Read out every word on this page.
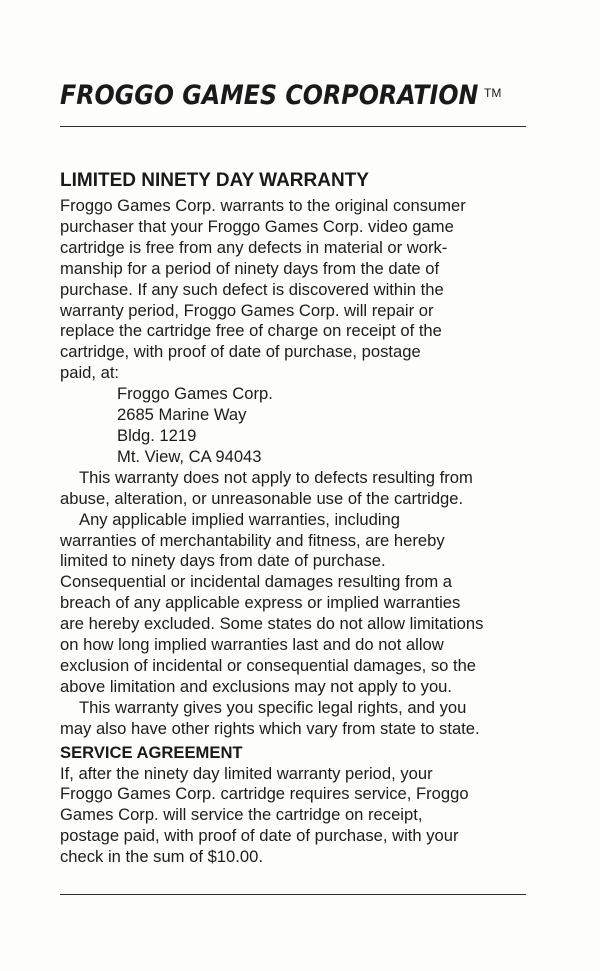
FROGGO GAMES CORPORATION TM
LIMITED NINETY DAY WARRANTY
Froggo Games Corp. warrants to the original consumer
purchaser that your Froggo Games Corp. video game
cartridge is free from any defects in material or work-
manship for a period of ninety days from the date of
purchase. If any such defect is discovered within the
warranty period, Froggo Games Corp. will repair or
replace the cartridge free of charge on receipt of the
cartridge, with proof of date of purchase, postage
paid, at:
Froggo Games Corp.
2685 Marine Way
Bldg. 1219
Mt. View, CA 94043
This warranty does not apply to defects resulting from
abuse, alteration, or unreasonable use of the cartridge.
Any applicable implied warranties, including
warranties of merchantability and fitness, are hereby
limited to ninety days from date of purchase.
Consequential or incidental damages resulting from a
breach of any applicable express or implied warranties
are hereby excluded. Some states do not allow limitations
on how long implied warranties last and do not allow
exclusion of incidental or consequential damages, so the
above limitation and exclusions may not apply to you.
This warranty gives you specific legal rights, and you
may also have other rights which vary from state to state.
SERVICE AGREEMENT
If, after the ninety day limited warranty period, your
Froggo Games Corp. cartridge requires service, Froggo
Games Corp. will service the cartridge on receipt,
postage paid, with proof of date of purchase, with your
check in the sum of $10.00.
